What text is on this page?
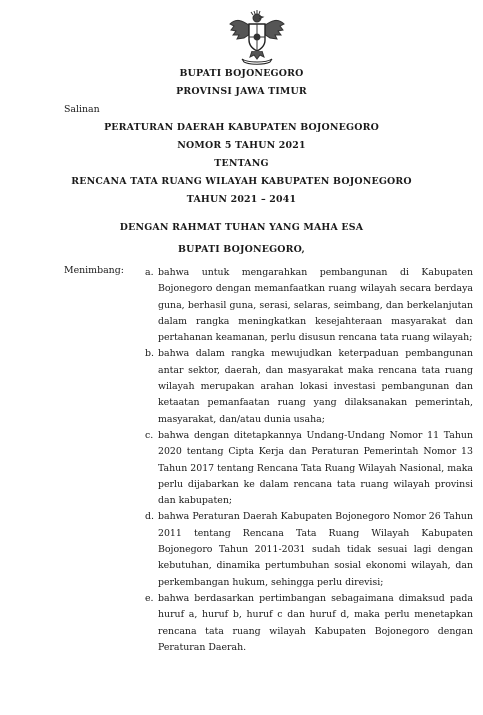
BUPATI BOJONEGORO
PROVINSI JAWA TIMUR
Salinan
PERATURAN DAERAH KABUPATEN BOJONEGORO
NOMOR 5 TAHUN 2021
TENTANG
RENCANA TATA RUANG WILAYAH KABUPATEN BOJONEGORO
TAHUN 2021 – 2041
DENGAN RAHMAT TUHAN YANG MAHA ESA
BUPATI BOJONEGORO,
Menimbang: a. bahwa untuk mengarahkan pembangunan di Kabupaten Bojonegoro dengan memanfaatkan ruang wilayah secara berdaya guna, berhasil guna, serasi, selaras, seimbang, dan berkelanjutan dalam rangka meningkatkan kesejahteraan masyarakat dan pertahanan keamanan, perlu disusun rencana tata ruang wilayah;
b. bahwa dalam rangka mewujudkan keterpaduan pembangunan antar sektor, daerah, dan masyarakat maka rencana tata ruang wilayah merupakan arahan lokasi investasi pembangunan dan ketaatan pemanfaatan ruang yang dilaksanakan pemerintah, masyarakat, dan/atau dunia usaha;
c. bahwa dengan ditetapkannya Undang-Undang Nomor 11 Tahun 2020 tentang Cipta Kerja dan Peraturan Pemerintah Nomor 13 Tahun 2017 tentang Rencana Tata Ruang Wilayah Nasional, maka perlu dijabarkan ke dalam rencana tata ruang wilayah provinsi dan kabupaten;
d. bahwa Peraturan Daerah Kabupaten Bojonegoro Nomor 26 Tahun 2011 tentang Rencana Tata Ruang Wilayah Kabupaten Bojonegoro Tahun 2011-2031 sudah tidak sesuai lagi dengan kebutuhan, dinamika pertumbuhan sosial ekonomi wilayah, dan perkembangan hukum, sehingga perlu direvisi;
e. bahwa berdasarkan pertimbangan sebagaimana dimaksud pada huruf a, huruf b, huruf c dan huruf d, maka perlu menetapkan rencana tata ruang wilayah Kabupaten Bojonegoro dengan Peraturan Daerah.
